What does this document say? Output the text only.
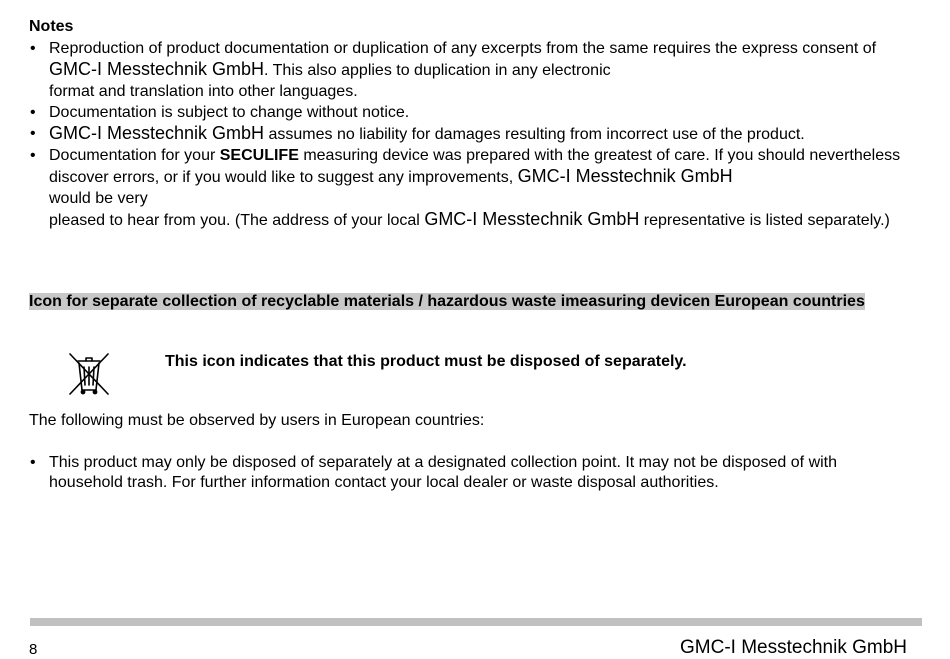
Notes
• Reproduction of product documentation or duplication of any excerpts from the same requires the express consent of GMC-I Messtechnik GmbH. This also applies to duplication in any electronic
format and translation into other languages.
• Documentation is subject to change without notice.
• GMC-I Messtechnik GmbH assumes no liability for damages resulting from incorrect use of the product.
• Documentation for your SECULIFE measuring device was prepared with the greatest of care. If you should nevertheless discover errors, or if you would like to suggest any improvements, GMC-I Messtechnik GmbH
would be very
pleased to hear from you. (The address of your local GMC-I Messtechnik GmbH representative is listed separately.)
Icon for separate collection of recyclable materials / hazardous waste imeasuring devicen European countries
This icon indicates that this product must be disposed of separately.
The following must be observed by users in European countries:
• This product may only be disposed of separately at a designated collection point. It may not be disposed of with household trash. For further information contact your local dealer or waste disposal authorities.
8	GMC-I Messtechnik GmbH
